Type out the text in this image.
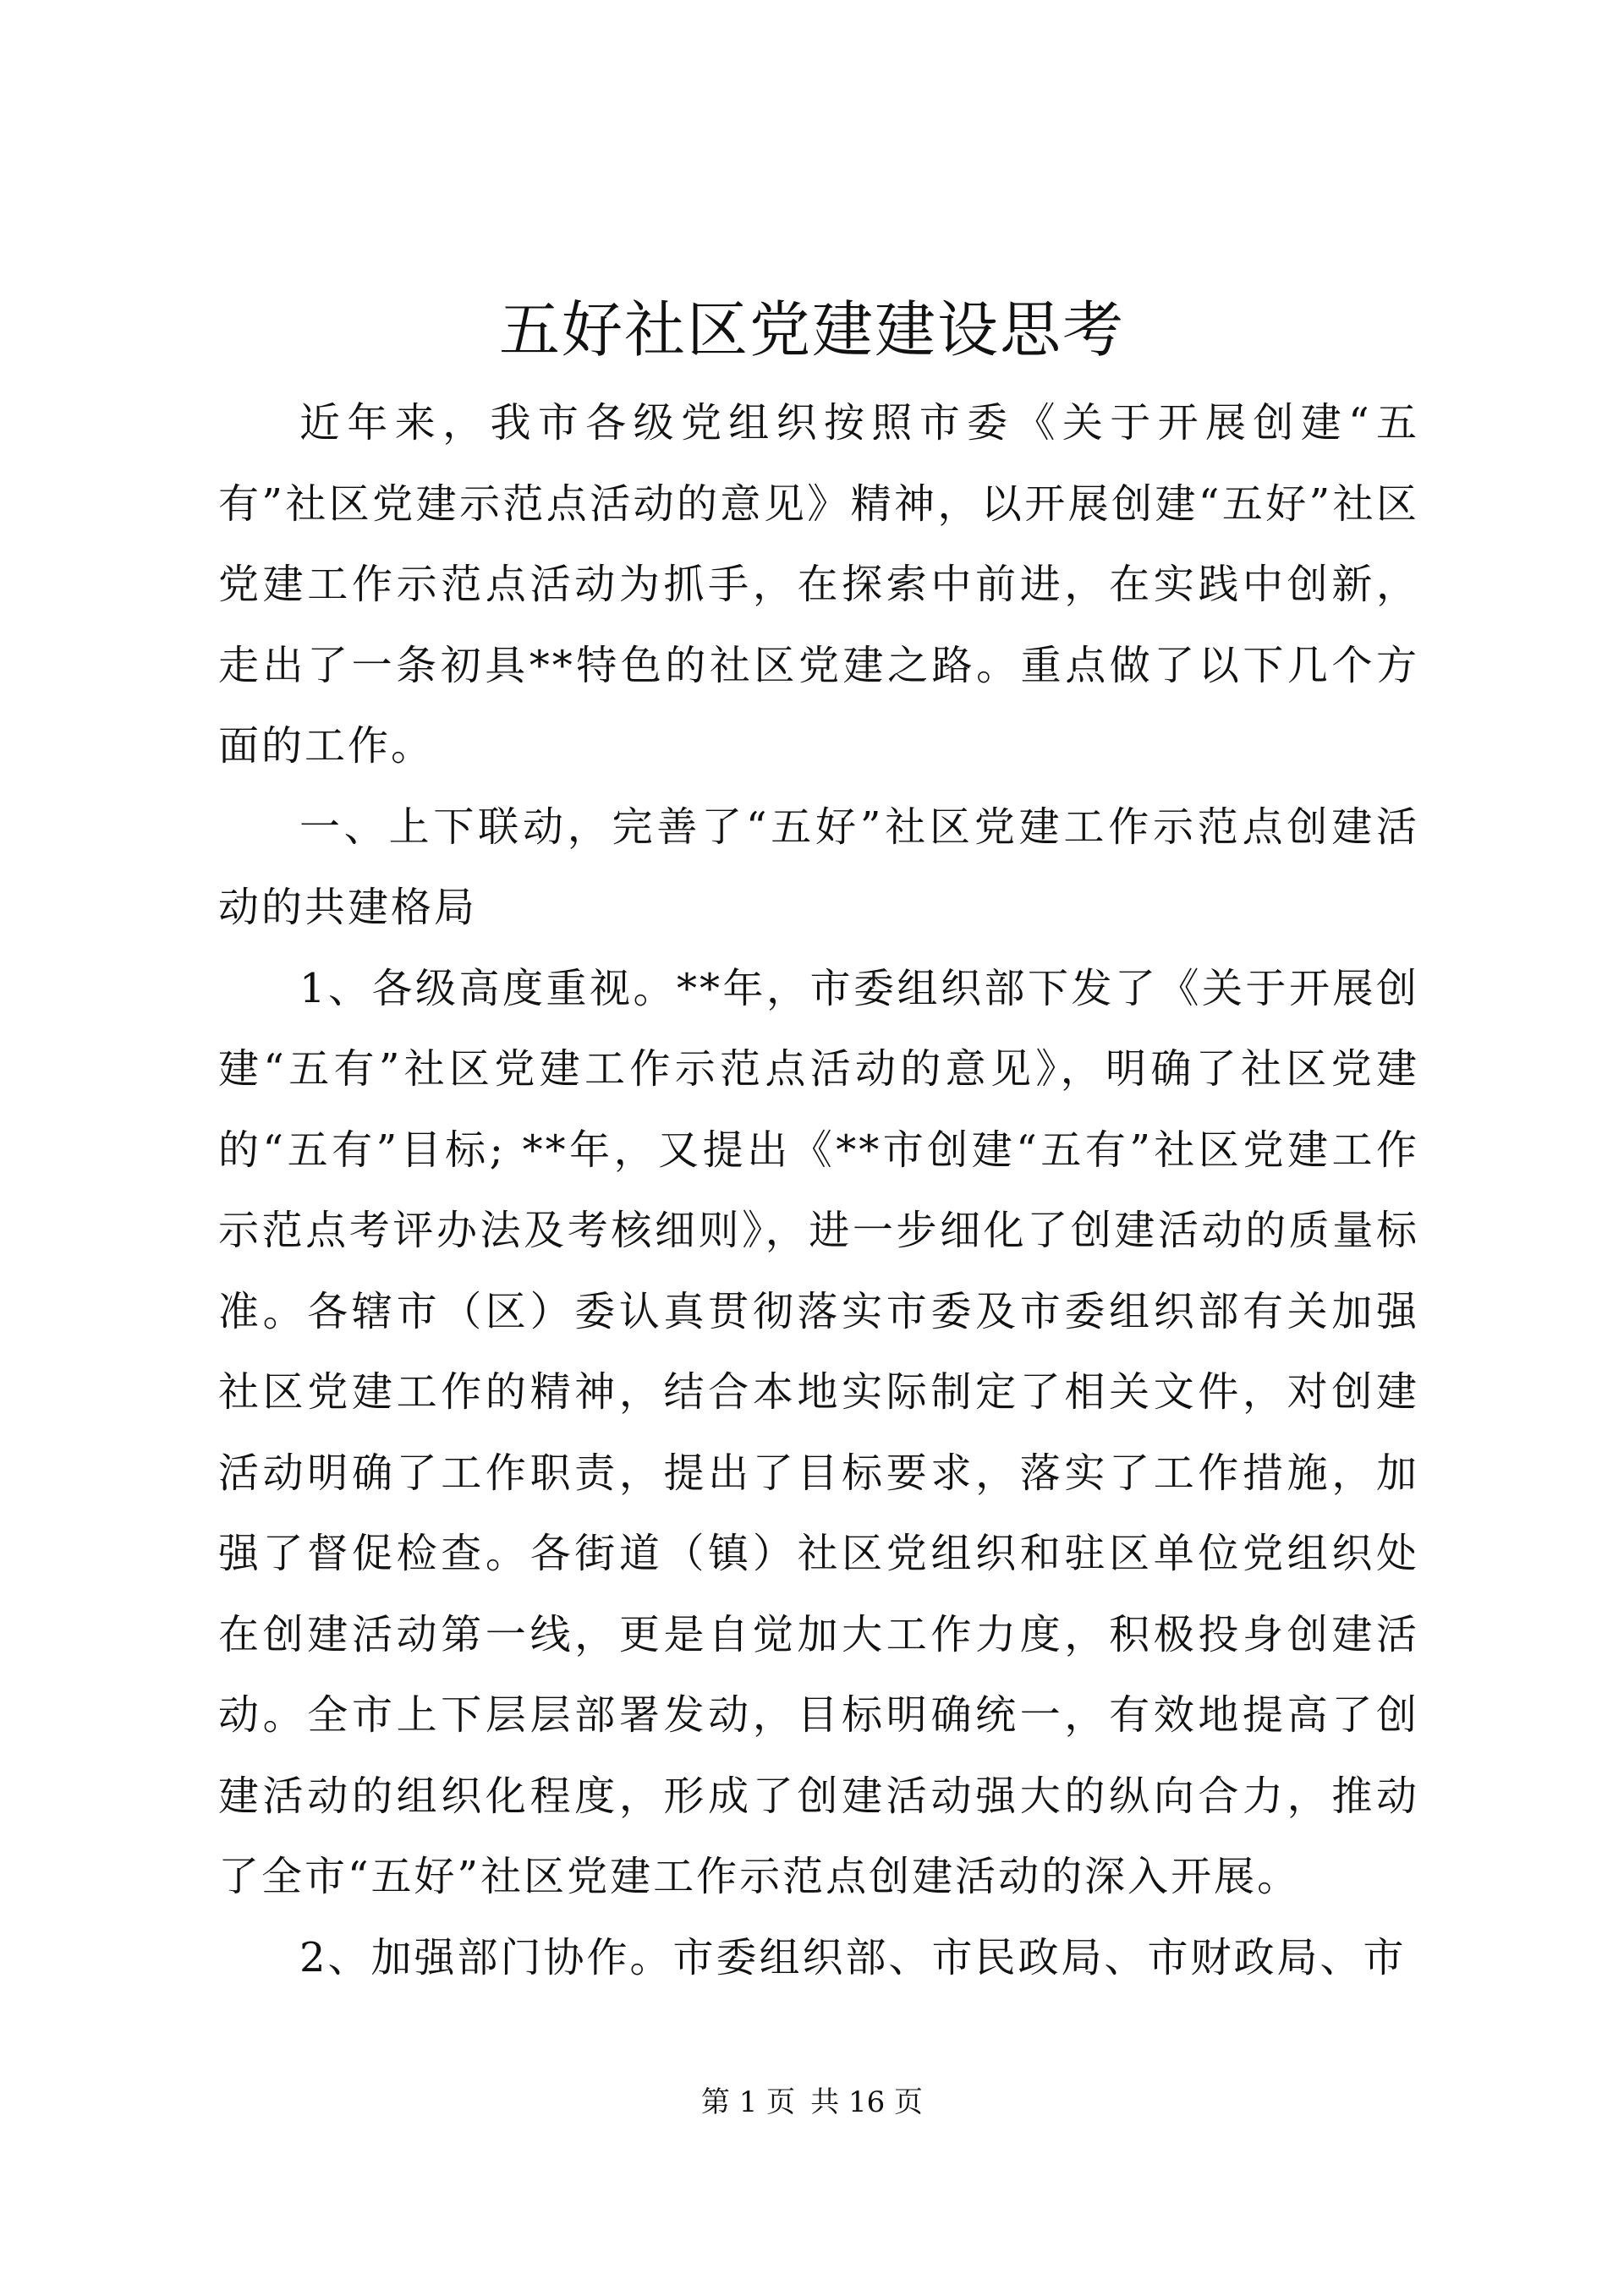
五好社区党建建设思考

近年来，我市各级党组织按照市委《关于开展创建“五有”社区党建示范点活动的意见》精神，以开展创建“五好”社区党建工作示范点活动为抓手，在探索中前进，在实践中创新，走出了一条初具**特色的社区党建之路。重点做了以下几个方面的工作。

一、上下联动，完善了“五好”社区党建工作示范点创建活动的共建格局

1、各级高度重视。**年，市委组织部下发了《关于开展创建“五有”社区党建工作示范点活动的意见》，明确了社区党建的“五有”目标; **年，又提出《**市创建“五有”社区党建工作示范点考评办法及考核细则》，进一步细化了创建活动的质量标准。各辖市（区）委认真贯彻落实市委及市委组织部有关加强社区党建工作的精神，结合本地实际制定了相关文件，对创建活动明确了工作职责，提出了目标要求，落实了工作措施，加强了督促检查。各街道（镇）社区党组织和驻区单位党组织处在创建活动第一线，更是自觉加大工作力度，积极投身创建活动。全市上下层层部署发动，目标明确统一，有效地提高了创建活动的组织化程度，形成了创建活动强大的纵向合力，推动了全市“五好”社区党建工作示范点创建活动的深入开展。

2、加强部门协作。市委组织部、市民政局、市财政局、市

第 1 页 共 16 页
